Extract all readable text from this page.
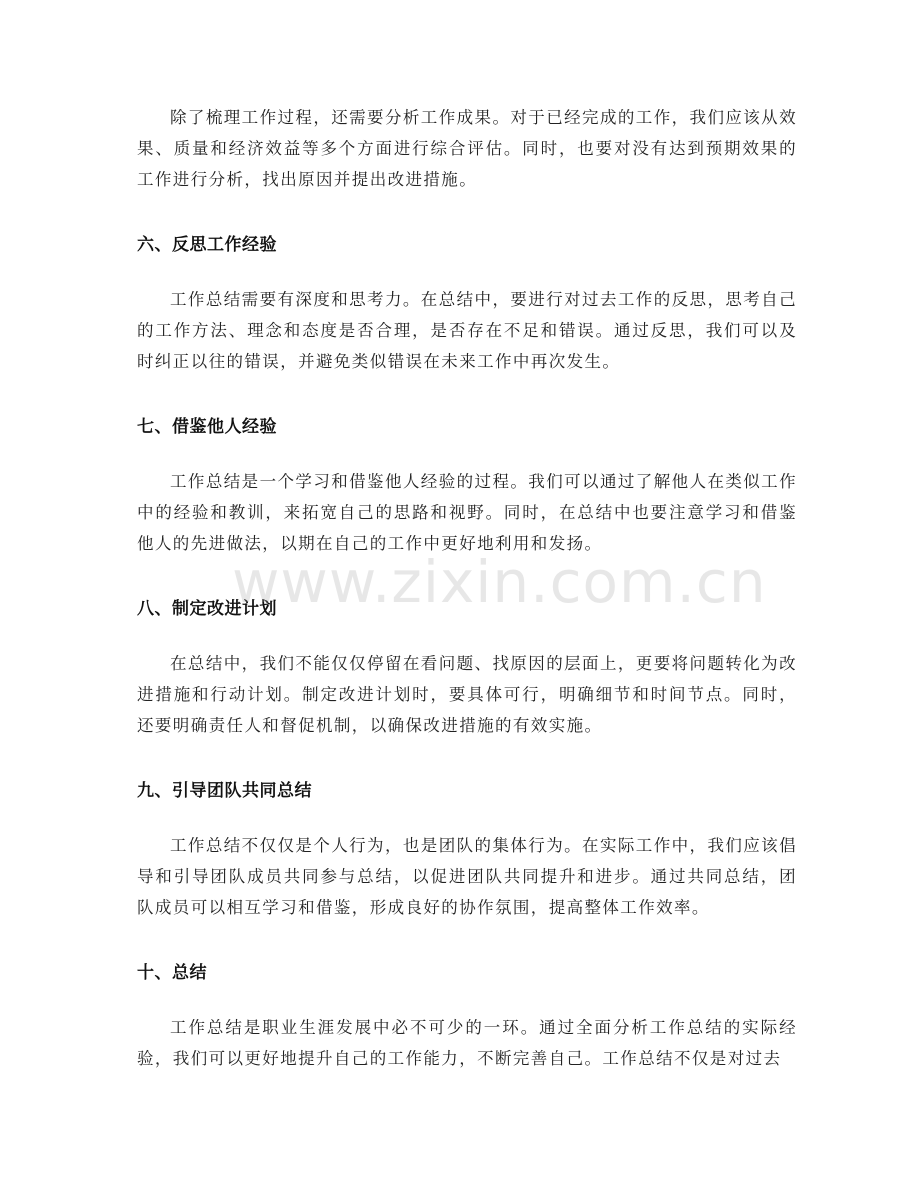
除了梳理工作过程，还需要分析工作成果。对于已经完成的工作，我们应该从效果、质量和经济效益等多个方面进行综合评估。同时，也要对没有达到预期效果的工作进行分析，找出原因并提出改进措施。

六、反思工作经验

工作总结需要有深度和思考力。在总结中，要进行对过去工作的反思，思考自己的工作方法、理念和态度是否合理，是否存在不足和错误。通过反思，我们可以及时纠正以往的错误，并避免类似错误在未来工作中再次发生。

七、借鉴他人经验

工作总结是一个学习和借鉴他人经验的过程。我们可以通过了解他人在类似工作中的经验和教训，来拓宽自己的思路和视野。同时，在总结中也要注意学习和借鉴他人的先进做法，以期在自己的工作中更好地利用和发扬。

八、制定改进计划

在总结中，我们不能仅仅停留在看问题、找原因的层面上，更要将问题转化为改进措施和行动计划。制定改进计划时，要具体可行，明确细节和时间节点。同时，还要明确责任人和督促机制，以确保改进措施的有效实施。

九、引导团队共同总结

工作总结不仅仅是个人行为，也是团队的集体行为。在实际工作中，我们应该倡导和引导团队成员共同参与总结，以促进团队共同提升和进步。通过共同总结，团队成员可以相互学习和借鉴，形成良好的协作氛围，提高整体工作效率。

十、总结

工作总结是职业生涯发展中必不可少的一环。通过全面分析工作总结的实际经验，我们可以更好地提升自己的工作能力，不断完善自己。工作总结不仅是对过去

www.zixin.com.cn
